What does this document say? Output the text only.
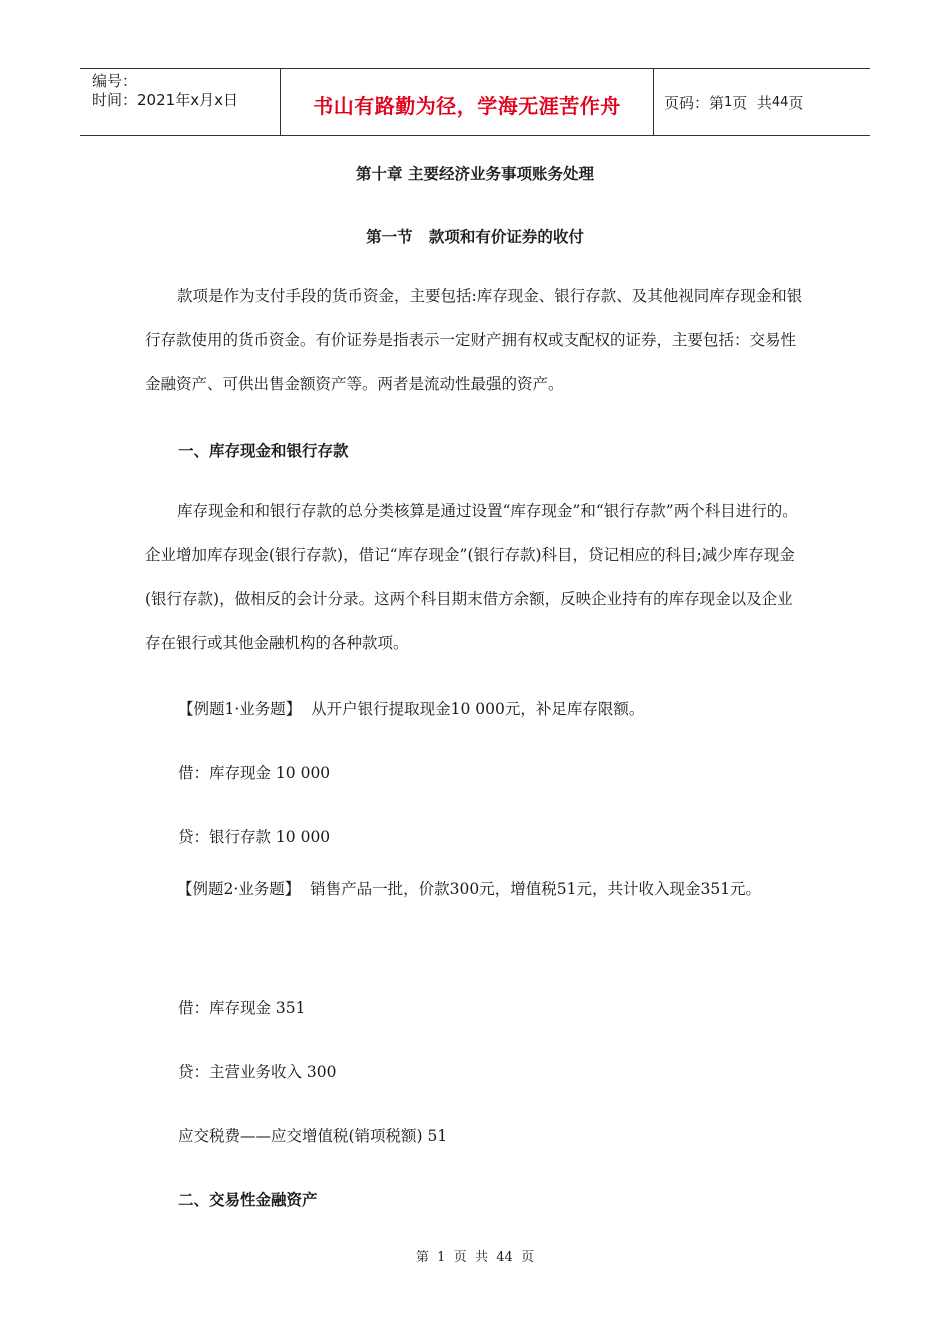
编号：
时间：2021年x月x日	书山有路勤为径，学海无涯苦作舟	页码：第 1 页  共 44 页
第十章 主要经济业务事项账务处理
第一节   款项和有价证券的收付

款项是作为支付手段的货币资金，主要包括:库存现金、银行存款、及其他视同库存现金和银行存款使用的货币资金。有价证券是指表示一定财产拥有权或支配权的证券，主要包括：交易性金融资产、可供出售金额资产等。两者是流动性最强的资产。

一、库存现金和银行存款

库存现金和和银行存款的总分类核算是通过设置“库存现金”和“银行存款”两个科目进行的。企业增加库存现金(银行存款)，借记“库存现金”(银行存款)科目，贷记相应的科目;减少库存现金(银行存款)，做相反的会计分录。这两个科目期末借方余额，反映企业持有的库存现金以及企业存在银行或其他金融机构的各种款项。

【例题1·业务题】 从开户银行提取现金10 000元，补足库存限额。

借：库存现金 10 000

贷：银行存款 10 000

【例题2·业务题】 销售产品一批，价款300元，增值税51元，共计收入现金351元。

借：库存现金 351

贷：主营业务收入 300

应交税费——应交增值税(销项税额) 51

二、交易性金融资产

第  1  页  共  44  页
